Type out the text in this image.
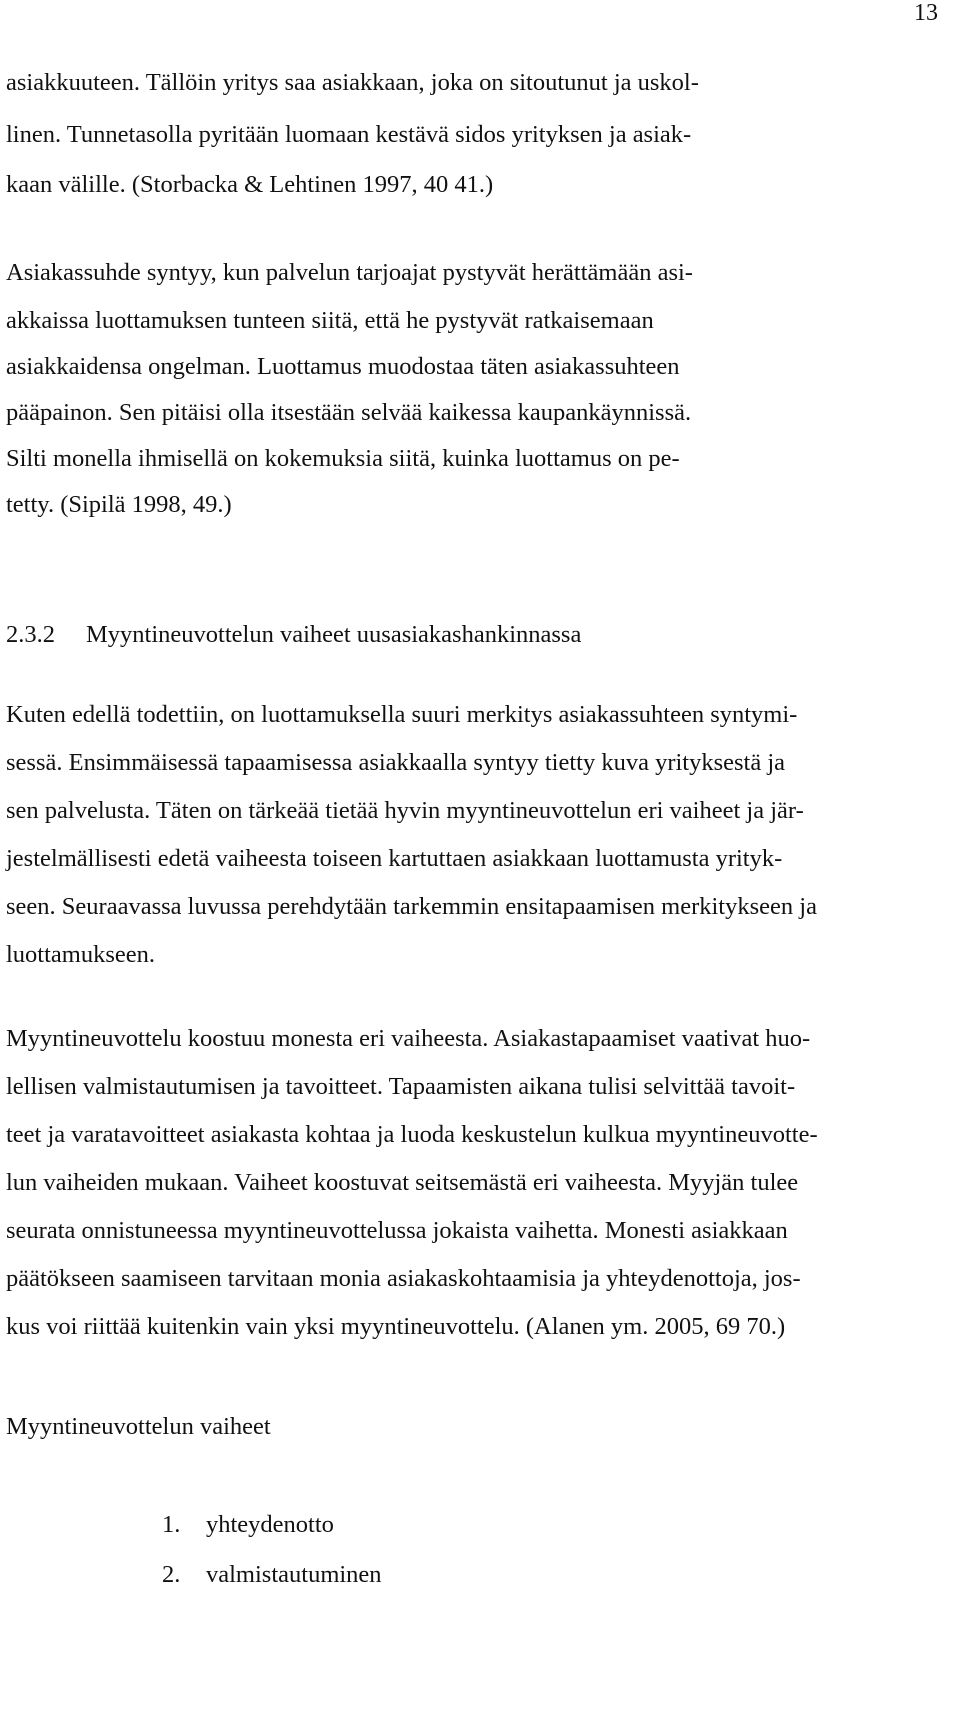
13
asiakkuuteen. Tällöin yritys saa asiakkaan, joka on sitoutunut ja uskol-
linen. Tunnetasolla pyritään luomaan kestävä sidos yrityksen ja asiak-
kaan välille. (Storbacka & Lehtinen 1997, 40 41.)
Asiakassuhde syntyy, kun palvelun tarjoajat pystyvät herättämään asi-
akkaissa luottamuksen tunteen siitä, että he pystyvät ratkaisemaan
asiakkaidensa ongelman. Luottamus muodostaa täten asiakassuhteen
pääpainon. Sen pitäisi olla itsestään selvää kaikessa kaupankäynnissä.
Silti monella ihmisellä on kokemuksia siitä, kuinka luottamus on pe-
tetty. (Sipilä 1998, 49.)
2.3.2 Myyntineuvottelun vaiheet uusasiakashankinnassa
Kuten edellä todettiin, on luottamuksella suuri merkitys asiakassuhteen syntymi-
sessä. Ensimmäisessä tapaamisessa asiakkaalla syntyy tietty kuva yrityksestä ja
sen palvelusta. Täten on tärkeää tietää hyvin myyntineuvottelun eri vaiheet ja jär-
jestelmällisesti edetä vaiheesta toiseen kartuttaen asiakkaan luottamusta yrityk-
seen. Seuraavassa luvussa perehdytään tarkemmin ensitapaamisen merkitykseen ja
luottamukseen.
Myyntineuvottelu koostuu monesta eri vaiheesta. Asiakastapaamiset vaativat huo-
lellisen valmistautumisen ja tavoitteet. Tapaamisten aikana tulisi selvittää tavoit-
teet ja varatavoitteet asiakasta kohtaa ja luoda keskustelun kulkua myyntineuvotte-
lun vaiheiden mukaan. Vaiheet koostuvat seitsemästä eri vaiheesta. Myyjän tulee
seurata onnistuneessa myyntineuvottelussa jokaista vaihetta. Monesti asiakkaan
päätökseen saamiseen tarvitaan monia asiakaskohtaamisia ja yhteydenottoja, jos-
kus voi riittää kuitenkin vain yksi myyntineuvottelu. (Alanen ym. 2005, 69 70.)
Myyntineuvottelun vaiheet
1. yhteydenotto
2. valmistautuminen
